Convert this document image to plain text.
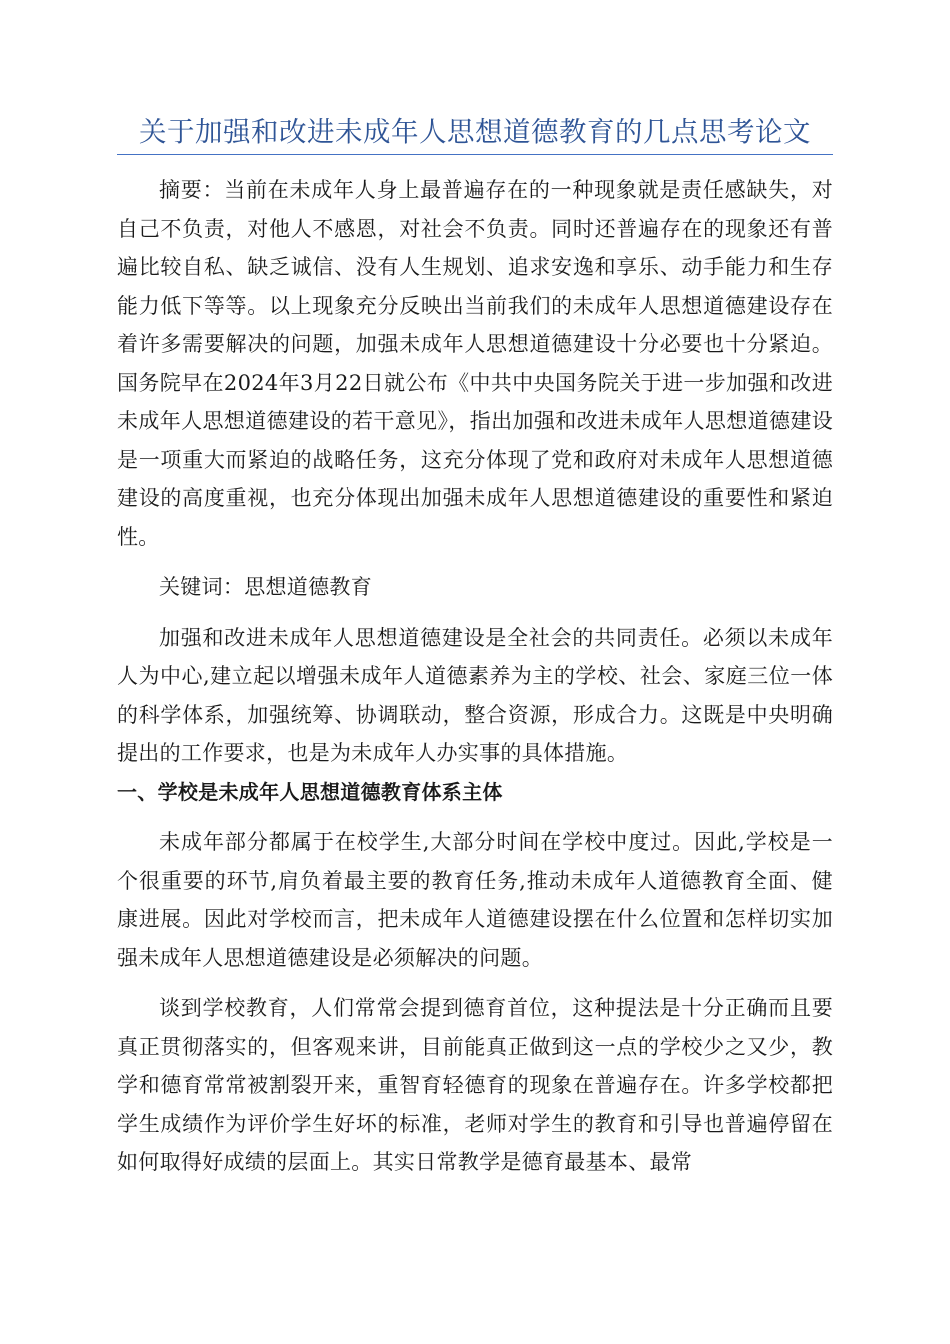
关于加强和改进未成年人思想道德教育的几点思考论文

摘要：当前在未成年人身上最普遍存在的一种现象就是责任感缺失，对自己不负责，对他人不感恩，对社会不负责。同时还普遍存在的现象还有普遍比较自私、缺乏诚信、没有人生规划、追求安逸和享乐、动手能力和生存能力低下等等。以上现象充分反映出当前我们的未成年人思想道德建设存在着许多需要解决的问题，加强未成年人思想道德建设十分必要也十分紧迫。国务院早在2024年3月22日就公布《中共中央国务院关于进一步加强和改进未成年人思想道德建设的若干意见》，指出加强和改进未成年人思想道德建设是一项重大而紧迫的战略任务，这充分体现了党和政府对未成年人思想道德建设的高度重视，也充分体现出加强未成年人思想道德建设的重要性和紧迫性。

关键词：思想道德教育

加强和改进未成年人思想道德建设是全社会的共同责任。必须以未成年人为中心,建立起以增强未成年人道德素养为主的学校、社会、家庭三位一体的科学体系，加强统筹、协调联动，整合资源，形成合力。这既是中央明确提出的工作要求，也是为未成年人办实事的具体措施。

一、学校是未成年人思想道德教育体系主体

未成年部分都属于在校学生,大部分时间在学校中度过。因此,学校是一个很重要的环节,肩负着最主要的教育任务,推动未成年人道德教育全面、健康进展。因此对学校而言，把未成年人道德建设摆在什么位置和怎样切实加强未成年人思想道德建设是必须解决的问题。

谈到学校教育，人们常常会提到德育首位，这种提法是十分正确而且要真正贯彻落实的，但客观来讲，目前能真正做到这一点的学校少之又少，教学和德育常常被割裂开来，重智育轻德育的现象在普遍存在。许多学校都把学生成绩作为评价学生好坏的标准，老师对学生的教育和引导也普遍停留在如何取得好成绩的层面上。其实日常教学是德育最基本、最常
